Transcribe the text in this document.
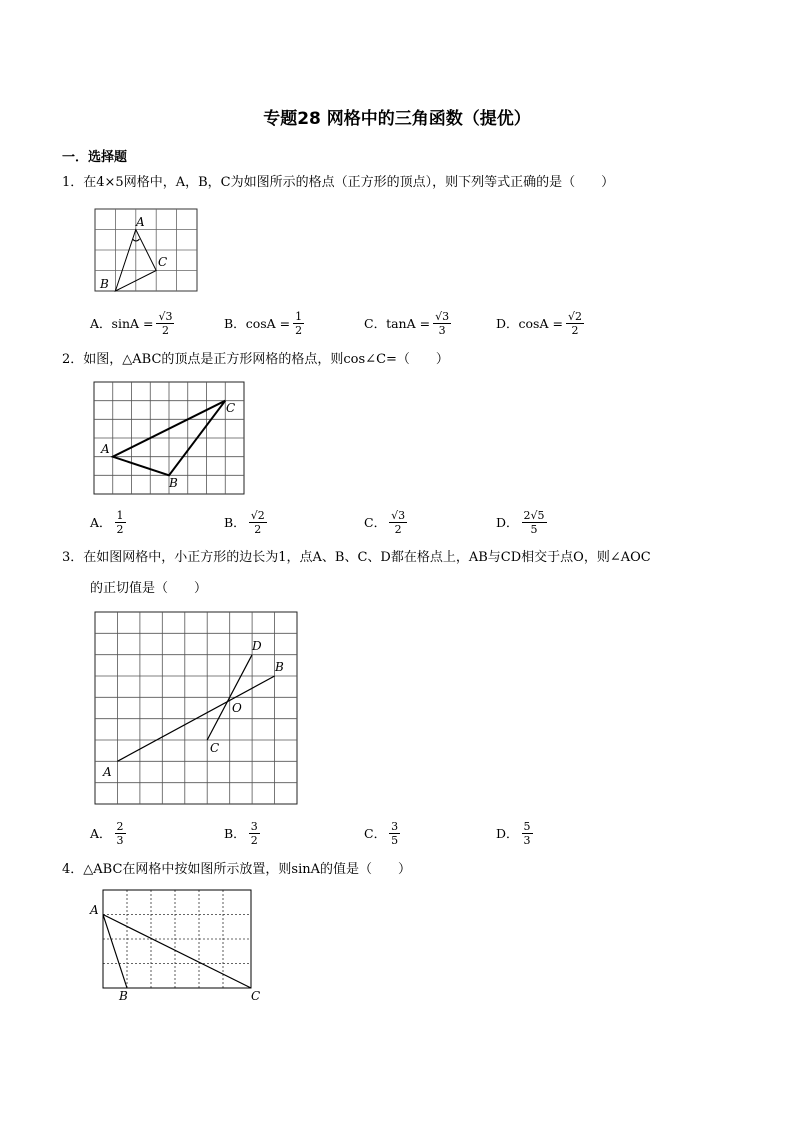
专题28 网格中的三角函数（提优）
一．选择题
1．在4×5网格中，A，B，C为如图所示的格点（正方形的顶点），则下列等式正确的是（　　）
A
B
C
A． $\sin A = \frac{√3}{2}$	B． $\cos A = \frac{1}{2}$	C． $\tan A = \frac{√3}{3}$	D． $\cos A = \frac{√2}{2}$
2．如图，△ABC的顶点是正方形网格的格点，则cos∠C=（　　）
A
B
C
A． $\frac{1}{2}$	B． $\frac{√2}{2}$	C． $\frac{√3}{2}$	D． $\frac{2√5}{5}$
3．在如图网格中，小正方形的边长为1，点A、B、C、D都在格点上，AB与CD相交于点O，则∠AOC
的正切值是（　　）
A
B
C
D
O
A． $\frac{2}{3}$	B． $\frac{3}{2}$	C． $\frac{3}{5}$	D． $\frac{5}{3}$
4．△ABC在网格中按如图所示放置，则sinA的值是（　　）
A
B	C
